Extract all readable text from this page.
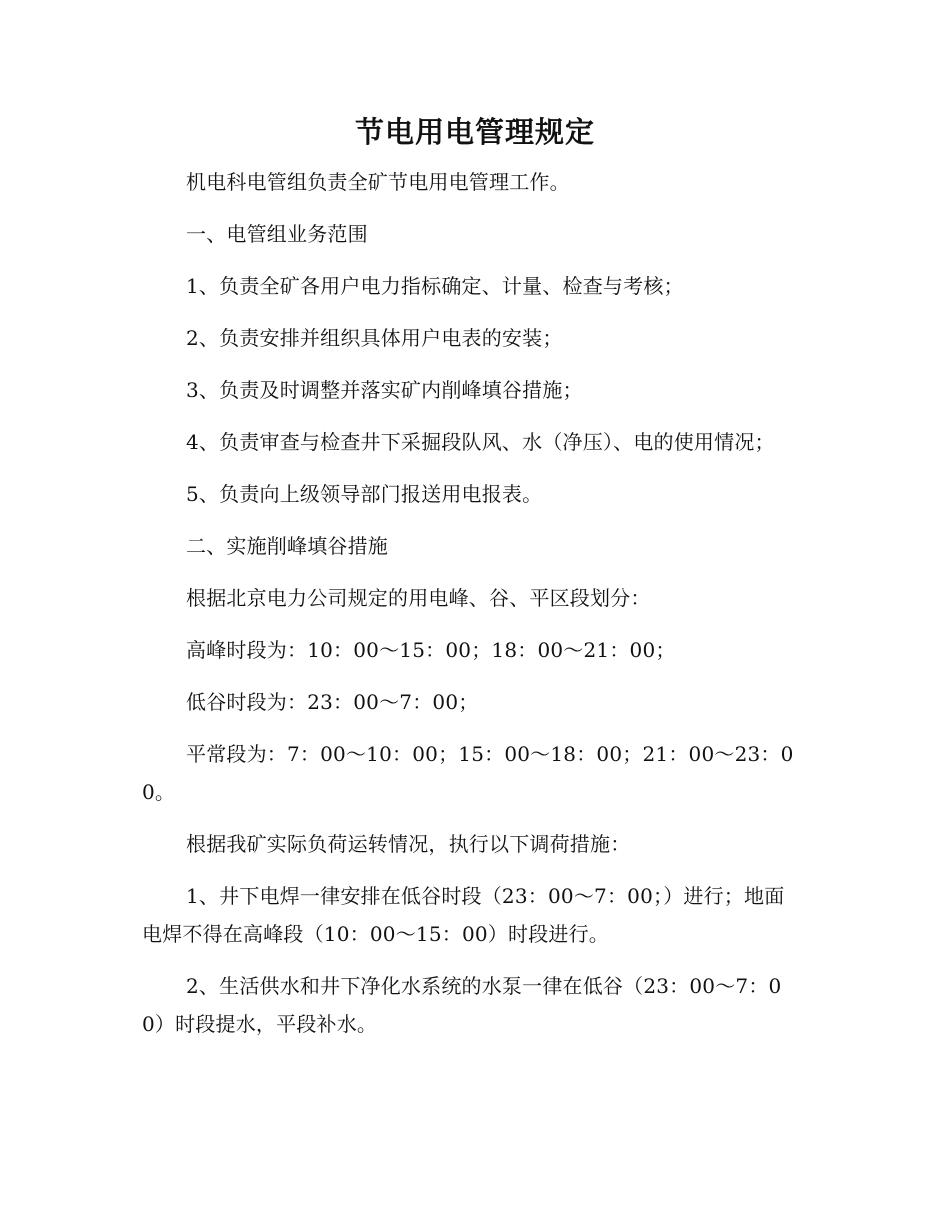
节电用电管理规定

机电科电管组负责全矿节电用电管理工作。

一、电管组业务范围

1、负责全矿各用户电力指标确定、计量、检查与考核；

2、负责安排并组织具体用户电表的安装；

3、负责及时调整并落实矿内削峰填谷措施；

4、负责审查与检查井下采掘段队风、水（净压）、电的使用情况；

5、负责向上级领导部门报送用电报表。

二、实施削峰填谷措施

根据北京电力公司规定的用电峰、谷、平区段划分：

高峰时段为：10：00～15：00；18：00～21：00；

低谷时段为：23：00～7：00；

平常段为：7：00～10：00；15：00～18：00；21：00～23：00。

根据我矿实际负荷运转情况，执行以下调荷措施：

1、井下电焊一律安排在低谷时段（23：00～7：00；）进行；地面电焊不得在高峰段（10：00～15：00）时段进行。

2、生活供水和井下净化水系统的水泵一律在低谷（23：00～7：00）时段提水，平段补水。
